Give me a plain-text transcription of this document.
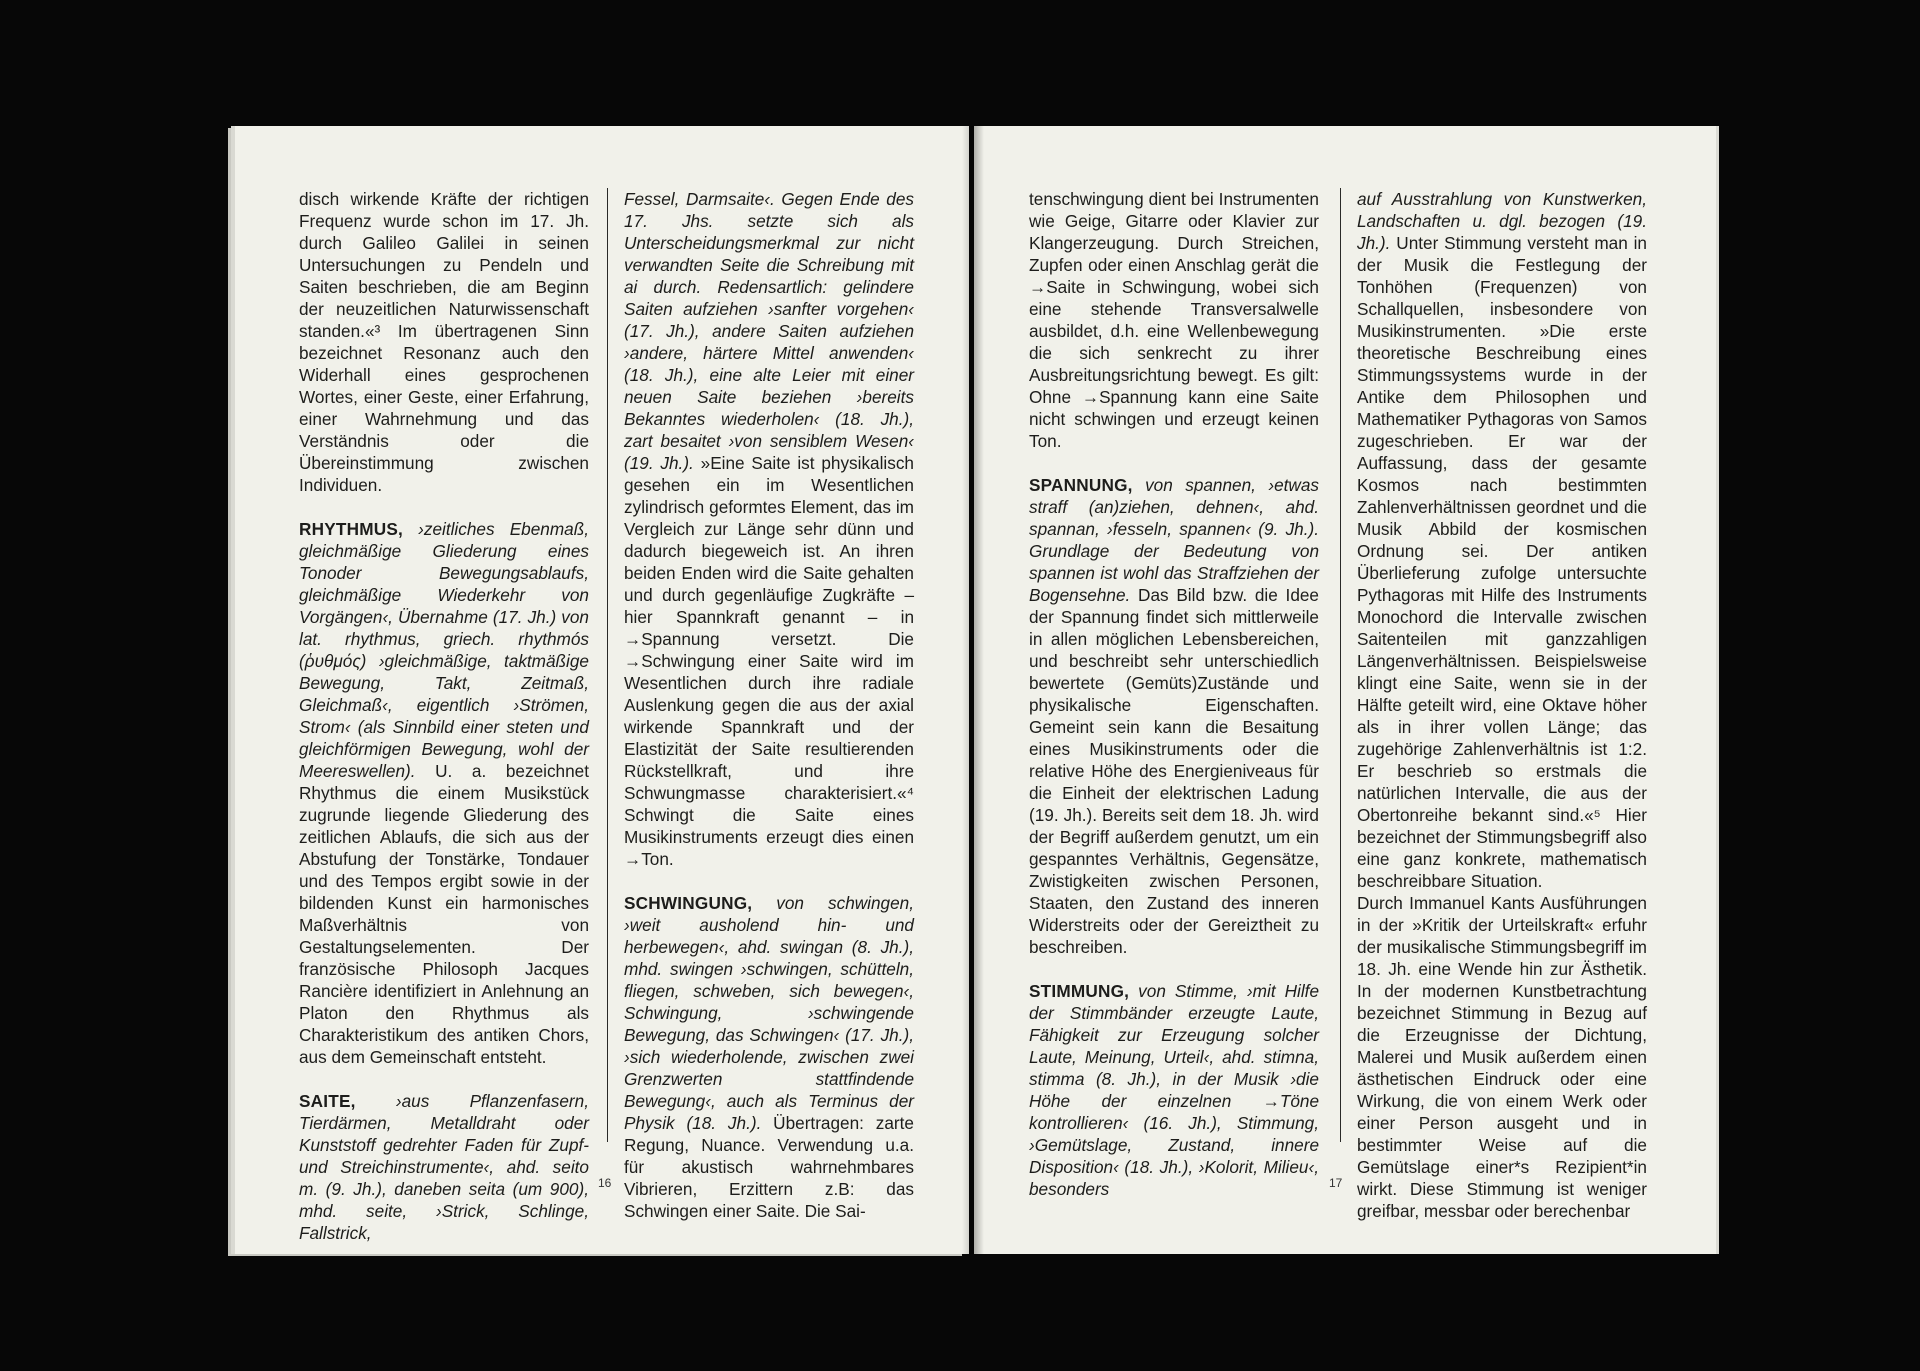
disch wirkende Kräfte der richtigen Frequenz wurde schon im 17. Jh. durch Galileo Galilei in seinen Untersuchungen zu Pendeln und Saiten beschrieben, die am Beginn der neuzeitlichen Naturwissenschaft standen.«³ Im übertragenen Sinn bezeichnet Resonanz auch den Widerhall eines gesprochenen Wortes, einer Geste, einer Erfahrung, einer Wahrnehmung und das Verständnis oder die Übereinstimmung zwischen Individuen.

RHYTHMUS, ›zeitliches Ebenmaß, gleichmäßige Gliederung eines Tonoder Bewegungsablaufs, gleichmäßige Wiederkehr von Vorgängen‹, Übernahme (17. Jh.) von lat. rhythmus, griech. rhythmós (ῥυθμός) ›gleichmäßige, taktmäßige Bewegung, Takt, Zeitmaß, Gleichmaß‹, eigentlich ›Strömen, Strom‹ (als Sinnbild einer steten und gleichförmigen Bewegung, wohl der Meereswellen). U. a. bezeichnet Rhythmus die einem Musikstück zugrunde liegende Gliederung des zeitlichen Ablaufs, die sich aus der Abstufung der Tonstärke, Tondauer und des Tempos ergibt sowie in der bildenden Kunst ein harmonisches Maßverhältnis von Gestaltungselementen. Der französische Philosoph Jacques Rancière identifiziert in Anlehnung an Platon den Rhythmus als Charakteristikum des antiken Chors, aus dem Gemeinschaft entsteht.

SAITE, ›aus Pflanzenfasern, Tierdärmen, Metalldraht oder Kunststoff gedrehter Faden für Zupf- und Streichinstrumente‹, ahd. seito m. (9. Jh.), daneben seita (um 900), mhd. seite, ›Strick, Schlinge, Fallstrick,

Fessel, Darmsaite‹. Gegen Ende des 17. Jhs. setzte sich als Unterscheidungsmerkmal zur nicht verwandten Seite die Schreibung mit ai durch. Redensartlich: gelindere Saiten aufziehen ›sanfter vorgehen‹ (17. Jh.), andere Saiten aufziehen ›andere, härtere Mittel anwenden‹ (18. Jh.), eine alte Leier mit einer neuen Saite beziehen ›bereits Bekanntes wiederholen‹ (18. Jh.), zart besaitet ›von sensiblem Wesen‹ (19. Jh.). »Eine Saite ist physikalisch gesehen ein im Wesentlichen zylindrisch geformtes Element, das im Vergleich zur Länge sehr dünn und dadurch biegeweich ist. An ihren beiden Enden wird die Saite gehalten und durch gegenläufige Zugkräfte – hier Spannkraft genannt – in →Spannung versetzt. Die →Schwingung einer Saite wird im Wesentlichen durch ihre radiale Auslenkung gegen die aus der axial wirkende Spannkraft und der Elastizität der Saite resultierenden Rückstellkraft, und ihre Schwungmasse charakterisiert.«⁴ Schwingt die Saite eines Musikinstruments erzeugt dies einen →Ton.

SCHWINGUNG, von schwingen, ›weit ausholend hin- und herbewegen‹, ahd. swingan (8. Jh.), mhd. swingen ›schwingen, schütteln, fliegen, schweben, sich bewegen‹, Schwingung, ›schwingende Bewegung, das Schwingen‹ (17. Jh.), ›sich wiederholende, zwischen zwei Grenzwerten stattfindende Bewegung‹, auch als Terminus der Physik (18. Jh.). Übertragen: zarte Regung, Nuance. Verwendung u.a. für akustisch wahrnehmbares Vibrieren, Erzittern z.B: das Schwingen einer Saite. Die Sai-

16

tenschwingung dient bei Instrumenten wie Geige, Gitarre oder Klavier zur Klangerzeugung. Durch Streichen, Zupfen oder einen Anschlag gerät die →Saite in Schwingung, wobei sich eine stehende Transversalwelle ausbildet, d.h. eine Wellenbewegung die sich senkrecht zu ihrer Ausbreitungsrichtung bewegt. Es gilt: Ohne →Spannung kann eine Saite nicht schwingen und erzeugt keinen Ton.

SPANNUNG, von spannen, ›etwas straff (an)ziehen, dehnen‹, ahd. spannan, ›fesseln, spannen‹ (9. Jh.). Grundlage der Bedeutung von spannen ist wohl das Straffziehen der Bogensehne. Das Bild bzw. die Idee der Spannung findet sich mittlerweile in allen möglichen Lebensbereichen, und beschreibt sehr unterschiedlich bewertete (Gemüts)Zustände und physikalische Eigenschaften. Gemeint sein kann die Besaitung eines Musikinstruments oder die relative Höhe des Energieniveaus für die Einheit der elektrischen Ladung (19. Jh.). Bereits seit dem 18. Jh. wird der Begriff außerdem genutzt, um ein gespanntes Verhältnis, Gegensätze, Zwistigkeiten zwischen Personen, Staaten, den Zustand des inneren Widerstreits oder der Gereiztheit zu beschreiben.

STIMMUNG, von Stimme, ›mit Hilfe der Stimmbänder erzeugte Laute, Fähigkeit zur Erzeugung solcher Laute, Meinung, Urteil‹, ahd. stimna, stimma (8. Jh.), in der Musik ›die Höhe der einzelnen →Töne kontrollieren‹ (16. Jh.), Stimmung, ›Gemütslage, Zustand, innere Disposition‹ (18. Jh.), ›Kolorit, Milieu‹, besonders

auf Ausstrahlung von Kunstwerken, Landschaften u. dgl. bezogen (19. Jh.). Unter Stimmung versteht man in der Musik die Festlegung der Tonhöhen (Frequenzen) von Schallquellen, insbesondere von Musikinstrumenten. »Die erste theoretische Beschreibung eines Stimmungssystems wurde in der Antike dem Philosophen und Mathematiker Pythagoras von Samos zugeschrieben. Er war der Auffassung, dass der gesamte Kosmos nach bestimmten Zahlenverhältnissen geordnet und die Musik Abbild der kosmischen Ordnung sei. Der antiken Überlieferung zufolge untersuchte Pythagoras mit Hilfe des Instruments Monochord die Intervalle zwischen Saitenteilen mit ganzzahligen Längenverhältnissen. Beispielsweise klingt eine Saite, wenn sie in der Hälfte geteilt wird, eine Oktave höher als in ihrer vollen Länge; das zugehörige Zahlenverhältnis ist 1:2. Er beschrieb so erstmals die natürlichen Intervalle, die aus der Obertonreihe bekannt sind.«⁵ Hier bezeichnet der Stimmungsbegriff also eine ganz konkrete, mathematisch beschreibbare Situation.

Durch Immanuel Kants Ausführungen in der »Kritik der Urteilskraft« erfuhr der musikalische Stimmungsbegriff im 18. Jh. eine Wende hin zur Ästhetik. In der modernen Kunstbetrachtung bezeichnet Stimmung in Bezug auf die Erzeugnisse der Dichtung, Malerei und Musik außerdem einen ästhetischen Eindruck oder eine Wirkung, die von einem Werk oder einer Person ausgeht und in bestimmter Weise auf die Gemütslage einer*s Rezipient*in wirkt. Diese Stimmung ist weniger greifbar, messbar oder berechenbar

17
